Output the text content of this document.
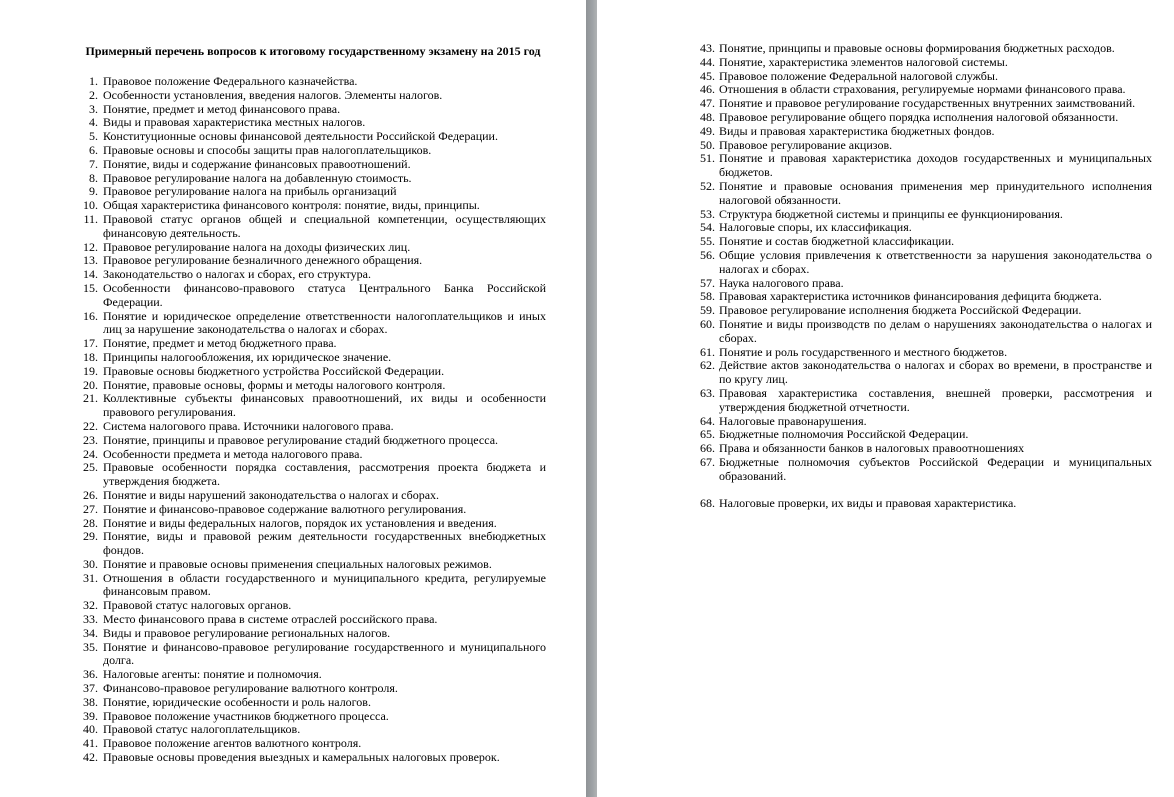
Примерный перечень вопросов к итоговому государственному экзамену на 2015 год
1. Правовое положение Федерального казначейства.
2. Особенности установления, введения налогов. Элементы налогов.
3. Понятие, предмет и метод финансового права.
4. Виды и правовая характеристика местных налогов.
5. Конституционные основы финансовой деятельности Российской Федерации.
6. Правовые основы и способы защиты прав налогоплательщиков.
7. Понятие, виды и содержание финансовых правоотношений.
8. Правовое регулирование налога на добавленную стоимость.
9. Правовое регулирование налога на прибыль организаций
10. Общая характеристика финансового контроля: понятие, виды, принципы.
11. Правовой статус органов общей и специальной компетенции, осуществляющих финансовую деятельность.
12. Правовое регулирование налога на доходы физических лиц.
13. Правовое регулирование безналичного денежного обращения.
14. Законодательство о налогах и сборах, его структура.
15. Особенности финансово-правового статуса Центрального Банка Российской Федерации.
16. Понятие и юридическое определение ответственности налогоплательщиков и иных лиц за нарушение законодательства о налогах и сборах.
17. Понятие, предмет и метод бюджетного права.
18. Принципы налогообложения, их юридическое значение.
19. Правовые основы бюджетного устройства Российской Федерации.
20. Понятие, правовые основы, формы и методы налогового контроля.
21. Коллективные субъекты финансовых правоотношений, их виды и особенности правового регулирования.
22. Система налогового права. Источники налогового права.
23. Понятие, принципы и правовое регулирование стадий бюджетного процесса.
24. Особенности предмета и метода налогового права.
25. Правовые особенности порядка составления, рассмотрения проекта бюджета и утверждения бюджета.
26. Понятие и виды нарушений законодательства о налогах и сборах.
27. Понятие и финансово-правовое содержание валютного регулирования.
28. Понятие и виды федеральных налогов, порядок их установления и введения.
29. Понятие, виды и правовой режим деятельности государственных внебюджетных фондов.
30. Понятие и правовые основы применения специальных налоговых режимов.
31. Отношения в области государственного и муниципального кредита, регулируемые финансовым правом.
32. Правовой статус налоговых органов.
33. Место финансового права в системе отраслей российского права.
34. Виды и правовое регулирование региональных налогов.
35. Понятие и финансово-правовое регулирование государственного и муниципального долга.
36. Налоговые агенты: понятие и полномочия.
37. Финансово-правовое регулирование валютного контроля.
38. Понятие, юридические особенности и роль налогов.
39. Правовое положение участников бюджетного процесса.
40. Правовой статус налогоплательщиков.
41. Правовое положение агентов валютного контроля.
42. Правовые основы проведения выездных и камеральных налоговых проверок.
43. Понятие, принципы и правовые основы формирования бюджетных расходов.
44. Понятие, характеристика элементов налоговой системы.
45. Правовое положение Федеральной налоговой службы.
46. Отношения в области страхования, регулируемые нормами финансового права.
47. Понятие и правовое регулирование государственных внутренних заимствований.
48. Правовое регулирование общего порядка исполнения налоговой обязанности.
49. Виды и правовая характеристика бюджетных фондов.
50. Правовое регулирование акцизов.
51. Понятие и правовая характеристика доходов государственных и муниципальных бюджетов.
52. Понятие и правовые основания применения мер принудительного исполнения налоговой обязанности.
53. Структура бюджетной системы и принципы ее функционирования.
54. Налоговые споры, их классификация.
55. Понятие и состав бюджетной классификации.
56. Общие условия привлечения к ответственности за нарушения законодательства о налогах и сборах.
57. Наука налогового права.
58. Правовая характеристика источников финансирования дефицита бюджета.
59. Правовое регулирование исполнения бюджета Российской Федерации.
60. Понятие и виды производств по делам о нарушениях законодательства о налогах и сборах.
61. Понятие и роль государственного и местного бюджетов.
62. Действие актов законодательства о налогах и сборах во времени, в пространстве и по кругу лиц.
63. Правовая характеристика составления, внешней проверки, рассмотрения и утверждения бюджетной отчетности.
64. Налоговые правонарушения.
65. Бюджетные полномочия Российской Федерации.
66. Права и обязанности банков в налоговых правоотношениях
67. Бюджетные полномочия субъектов Российской Федерации и муниципальных образований.
68. Налоговые проверки, их виды и правовая характеристика.
